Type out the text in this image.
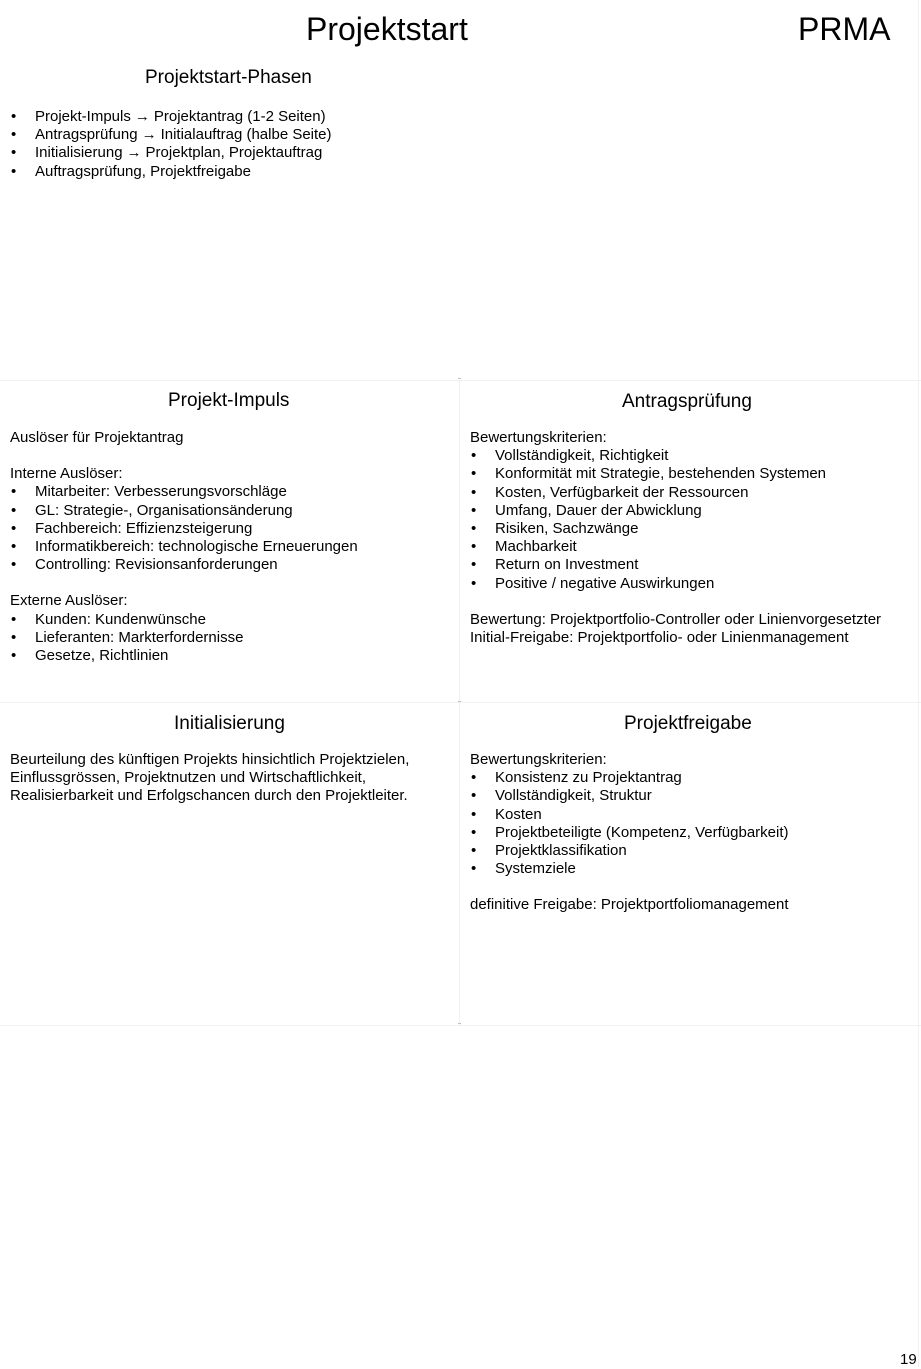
Projektstart	PRMA
Projektstart-Phasen
• Projekt-Impuls → Projektantrag (1-2 Seiten)
• Antragsprüfung → Initialauftrag (halbe Seite)
• Initialisierung → Projektplan, Projektauftrag
• Auftragsprüfung, Projektfreigabe
Projekt-Impuls

Auslöser für Projektantrag

Interne Auslöser:

• Mitarbeiter: Verbesserungsvorschläge
• GL: Strategie-, Organisationsänderung
• Fachbereich: Effizienzsteigerung
• Informatikbereich: technologische Erneuerungen
• Controlling: Revisionsanforderungen

Externe Auslöser:

• Kunden: Kundenwünsche
• Lieferanten: Markterfordernisse
• Gesetze, Richtlinien
Antragsprüfung

Bewertungskriterien:

• Vollständigkeit, Richtigkeit
• Konformität mit Strategie, bestehenden Systemen
• Kosten, Verfügbarkeit der Ressourcen
• Umfang, Dauer der Abwicklung
• Risiken, Sachzwänge
• Machbarkeit
• Return on Investment
• Positive / negative Auswirkungen

Bewertung: Projektportfolio-Controller oder Linienvorgesetzter

Initial-Freigabe: Projektportfolio- oder Linienmanagement

Initialisierung

Beurteilung des künftigen Projekts hinsichtlich Projektzielen,

Einflussgrössen, Projektnutzen und Wirtschaftlichkeit,

Realisierbarkeit und Erfolgschancen durch den Projektleiter.

Projektfreigabe

Bewertungskriterien:

• Konsistenz zu Projektantrag
• Vollständigkeit, Struktur
• Kosten
• Projektbeteiligte (Kompetenz, Verfügbarkeit)
• Projektklassifikation
• Systemziele

definitive Freigabe: Projektportfoliomanagement

19
